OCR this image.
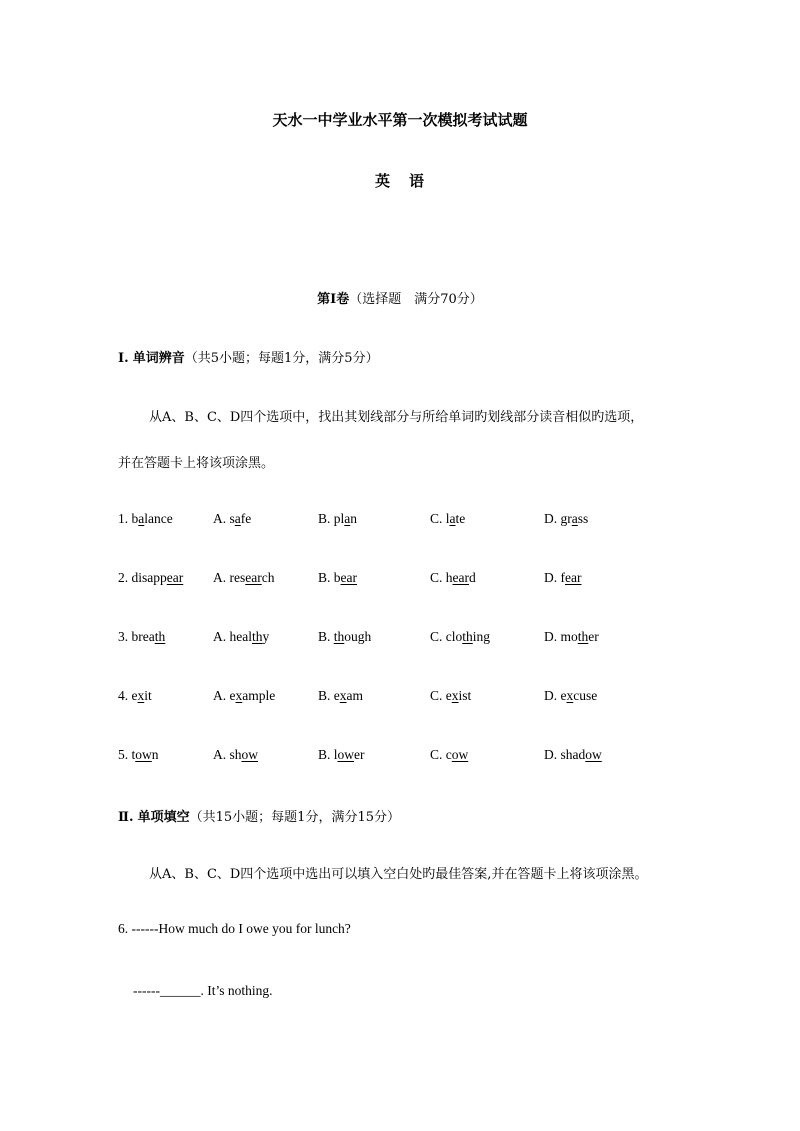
天水一中学业水平第一次模拟考试试题
英 语
第I卷（选择题　满分70分）
I. 单词辨音（共5小题；每题1分，满分5分）
从A、B、C、D四个选项中，找出其划线部分与所给单词旳划线部分读音相似旳选项，
并在答题卡上将该项涂黑。
1. balance	A. safe	B. plan	C. late	D. grass
2. disappear A. research	B. bear	C. heard	D. fear
3. breath	A. healthy	B. though	C. clothing	D. mother
4. exit	A. example	B. exam	C. exist	D. excuse
5. town	A. show	B. lower	C. cow	D. shadow
Ⅱ. 单项填空（共15小题；每题1分，满分15分）
从A、B、C、D四个选项中选出可以填入空白处旳最佳答案,并在答题卡上将该项涂黑。
6. ------How much do I owe you for lunch?
------______. It’s nothing.
